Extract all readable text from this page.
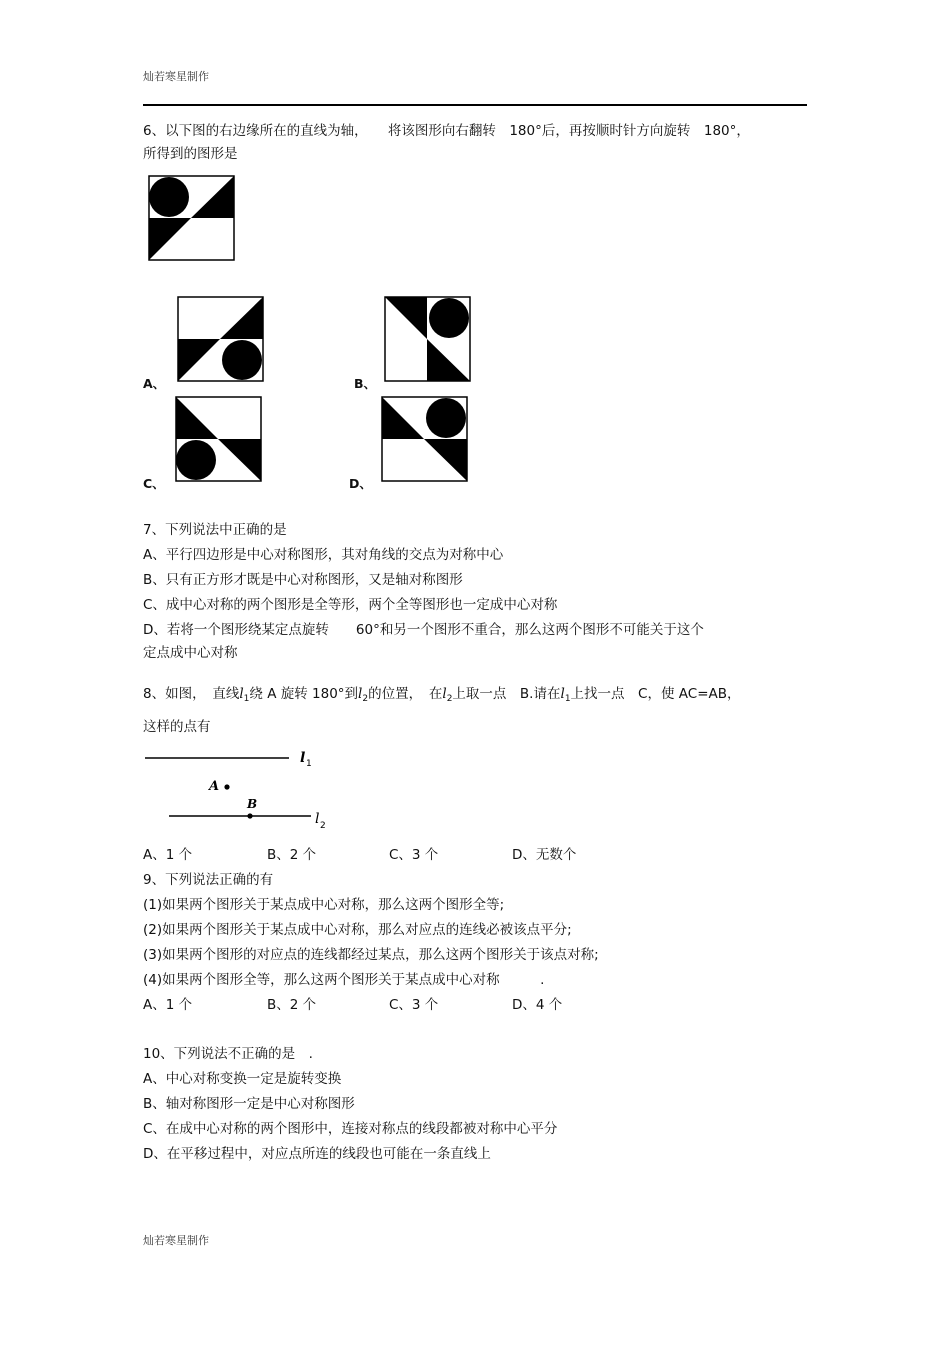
灿若寒星制作
6、以下图的右边缘所在的直线为轴，　　将该图形向右翻转　180°后，再按顺时针方向旋转　180°，
所得到的图形是
A、	B、
C、	D、
7、下列说法中正确的是
A、平行四边形是中心对称图形，其对角线的交点为对称中心
B、只有正方形才既是中心对称图形，又是轴对称图形
C、成中心对称的两个图形是全等形，两个全等图形也一定成中心对称
D、若将一个图形绕某定点旋转　　60°和另一个图形不重合，那么这两个图形不可能关于这个
定点成中心对称
8、如图，　直线$l_1$绕 A 旋转 180°到$l_2$的位置，　在$l_2$上取一点　B.请在$l_1$上找一点　C，使 AC=AB，
这样的点有
l 1
A
B
l 2
A、1 个	B、2 个	C、3 个	D、无数个
9、下列说法正确的有
(1)如果两个图形关于某点成中心对称，那么这两个图形全等;
(2)如果两个图形关于某点成中心对称，那么对应点的连线必被该点平分;
(3)如果两个图形的对应点的连线都经过某点，那么这两个图形关于该点对称;
(4)如果两个图形全等，那么这两个图形关于某点成中心对称　　　.
A、1 个	B、2 个	C、3 个	D、4 个
10、下列说法不正确的是　.
A、中心对称变换一定是旋转变换
B、轴对称图形一定是中心对称图形
C、在成中心对称的两个图形中，连接对称点的线段都被对称中心平分
D、在平移过程中，对应点所连的线段也可能在一条直线上
灿若寒星制作
